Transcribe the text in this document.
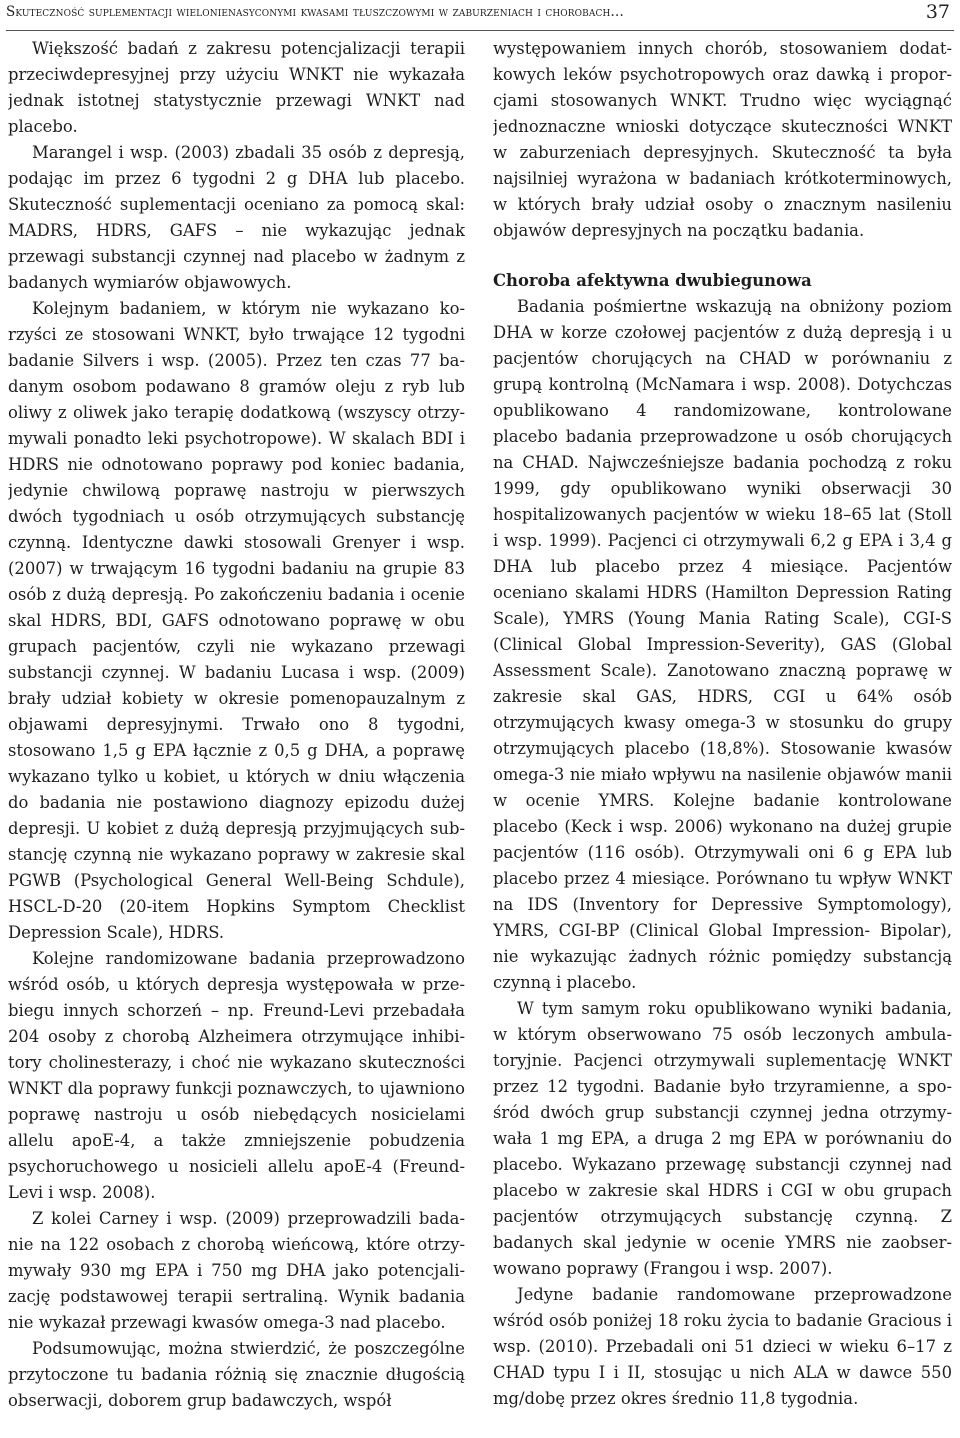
Skuteczność suplementacji wielonienasyconymi kwasami tłuszczowymi w zaburzeniach i chorobach…	37

Większość badań z zakresu potencjalizacji terapii przeciwdepresyjnej przy użyciu WNKT nie wykazała jednak istotnej statystycznie przewagi WNKT nad placebo.

Marangel i wsp. (2003) zbadali 35 osób z depresją, podając im przez 6 tygodni 2 g DHA lub placebo. Skuteczność suplementacji oceniano za pomocą skal: MADRS, HDRS, GAFS – nie wykazując jednak przewagi substancji czynnej nad placebo w żadnym z badanych wymiarów objawowych.

Kolejnym badaniem, w którym nie wykazano korzyści ze stosowani WNKT, było trwające 12 tygodni badanie Silvers i wsp. (2005). Przez ten czas 77 badanym osobom podawano 8 gramów oleju z ryb lub oliwy z oliwek jako terapię dodatkową (wszyscy otrzymywali ponadto leki psychotropowe). W skalach BDI i HDRS nie odnotowano poprawy pod koniec badania, jedynie chwilową poprawę nastroju w pierwszych dwóch tygodniach u osób otrzymujących substancję czynną. Identyczne dawki stosowali Grenyer i wsp. (2007) w trwającym 16 tygodni badaniu na grupie 83 osób z dużą depresją. Po zakończeniu badania i ocenie skal HDRS, BDI, GAFS odnotowano poprawę w obu grupach pacjentów, czyli nie wykazano przewagi substancji czynnej. W badaniu Lucasa i wsp. (2009) brały udział kobiety w okresie pomenopauzalnym z objawami depresyjnymi. Trwało ono 8 tygodni, stosowano 1,5 g EPA łącznie z 0,5 g DHA, a poprawę wykazano tylko u kobiet, u których w dniu włączenia do badania nie postawiono diagnozy epizodu dużej depresji. U kobiet z dużą depresją przyjmujących substancję czynną nie wykazano poprawy w zakresie skal PGWB (Psychological General Well-Being Schdule), HSCL-D-20 (20-item Hopkins Symptom Checklist Depression Scale), HDRS.

Kolejne randomizowane badania przeprowadzono wśród osób, u których depresja występowała w przebiegu innych schorzeń – np. Freund-Levi przebadała 204 osoby z chorobą Alzheimera otrzymujące inhibitory cholinesterazy, i choć nie wykazano skuteczności WNKT dla poprawy funkcji poznawczych, to ujawniono poprawę nastroju u osób niebędących nosicielami allelu apoE-4, a także zmniejszenie pobudzenia psychoruchowego u nosicieli allelu apoE-4 (Freund-Levi i wsp. 2008).

Z kolei Carney i wsp. (2009) przeprowadzili badanie na 122 osobach z chorobą wieńcową, które otrzymywały 930 mg EPA i 750 mg DHA jako potencjalizację podstawowej terapii sertraliną. Wynik badania nie wykazał przewagi kwasów omega-3 nad placebo.

Podsumowując, można stwierdzić, że poszczególne przytoczone tu badania różnią się znacznie długością obserwacji, doborem grup badawczych, współ

występowaniem innych chorób, stosowaniem dodatkowych leków psychotropowych oraz dawką i proporcjami stosowanych WNKT. Trudno więc wyciągnąć jednoznaczne wnioski dotyczące skuteczności WNKT w zaburzeniach depresyjnych. Skuteczność ta była najsilniej wyrażona w badaniach krótkoterminowych, w których brały udział osoby o znacznym nasileniu objawów depresyjnych na początku badania.

Choroba afektywna dwubiegunowa

Badania pośmiertne wskazują na obniżony poziom DHA w korze czołowej pacjentów z dużą depresją i u pacjentów chorujących na CHAD w porównaniu z grupą kontrolną (McNamara i wsp. 2008). Dotychczas opublikowano 4 randomizowane, kontrolowane placebo badania przeprowadzone u osób chorujących na CHAD. Najwcześniejsze badania pochodzą z roku 1999, gdy opublikowano wyniki obserwacji 30 hospitalizowanych pacjentów w wieku 18–65 lat (Stoll i wsp. 1999). Pacjenci ci otrzymywali 6,2 g EPA i 3,4 g DHA lub placebo przez 4 miesiące. Pacjentów oceniano skalami HDRS (Hamilton Depression Rating Scale), YMRS (Young Mania Rating Scale), CGI-S (Clinical Global Impression-Severity), GAS (Global Assessment Scale). Zanotowano znaczną poprawę w zakresie skal GAS, HDRS, CGI u 64% osób otrzymujących kwasy omega-3 w stosunku do grupy otrzymujących placebo (18,8%). Stosowanie kwasów omega-3 nie miało wpływu na nasilenie objawów manii w ocenie YMRS. Kolejne badanie kontrolowane placebo (Keck i wsp. 2006) wykonano na dużej grupie pacjentów (116 osób). Otrzymywali oni 6 g EPA lub placebo przez 4 miesiące. Porównano tu wpływ WNKT na IDS (Inventory for Depressive Symptomology), YMRS, CGI-BP (Clinical Global Impression- Bipolar), nie wykazując żadnych różnic pomiędzy substancją czynną i placebo.

W tym samym roku opublikowano wyniki badania, w którym obserwowano 75 osób leczonych ambulatoryjnie. Pacjenci otrzymywali suplementację WNKT przez 12 tygodni. Badanie było trzyramienne, a spośród dwóch grup substancji czynnej jedna otrzymywała 1 mg EPA, a druga 2 mg EPA w porównaniu do placebo. Wykazano przewagę substancji czynnej nad placebo w zakresie skal HDRS i CGI w obu grupach pacjentów otrzymujących substancję czynną. Z badanych skal jedynie w ocenie YMRS nie zaobserwowano poprawy (Frangou i wsp. 2007).

Jedyne badanie randomowane przeprowadzone wśród osób poniżej 18 roku życia to badanie Gracious i wsp. (2010). Przebadali oni 51 dzieci w wieku 6–17 z CHAD typu I i II, stosując u nich ALA w dawce 550 mg/dobę przez okres średnio 11,8 tygodnia.
